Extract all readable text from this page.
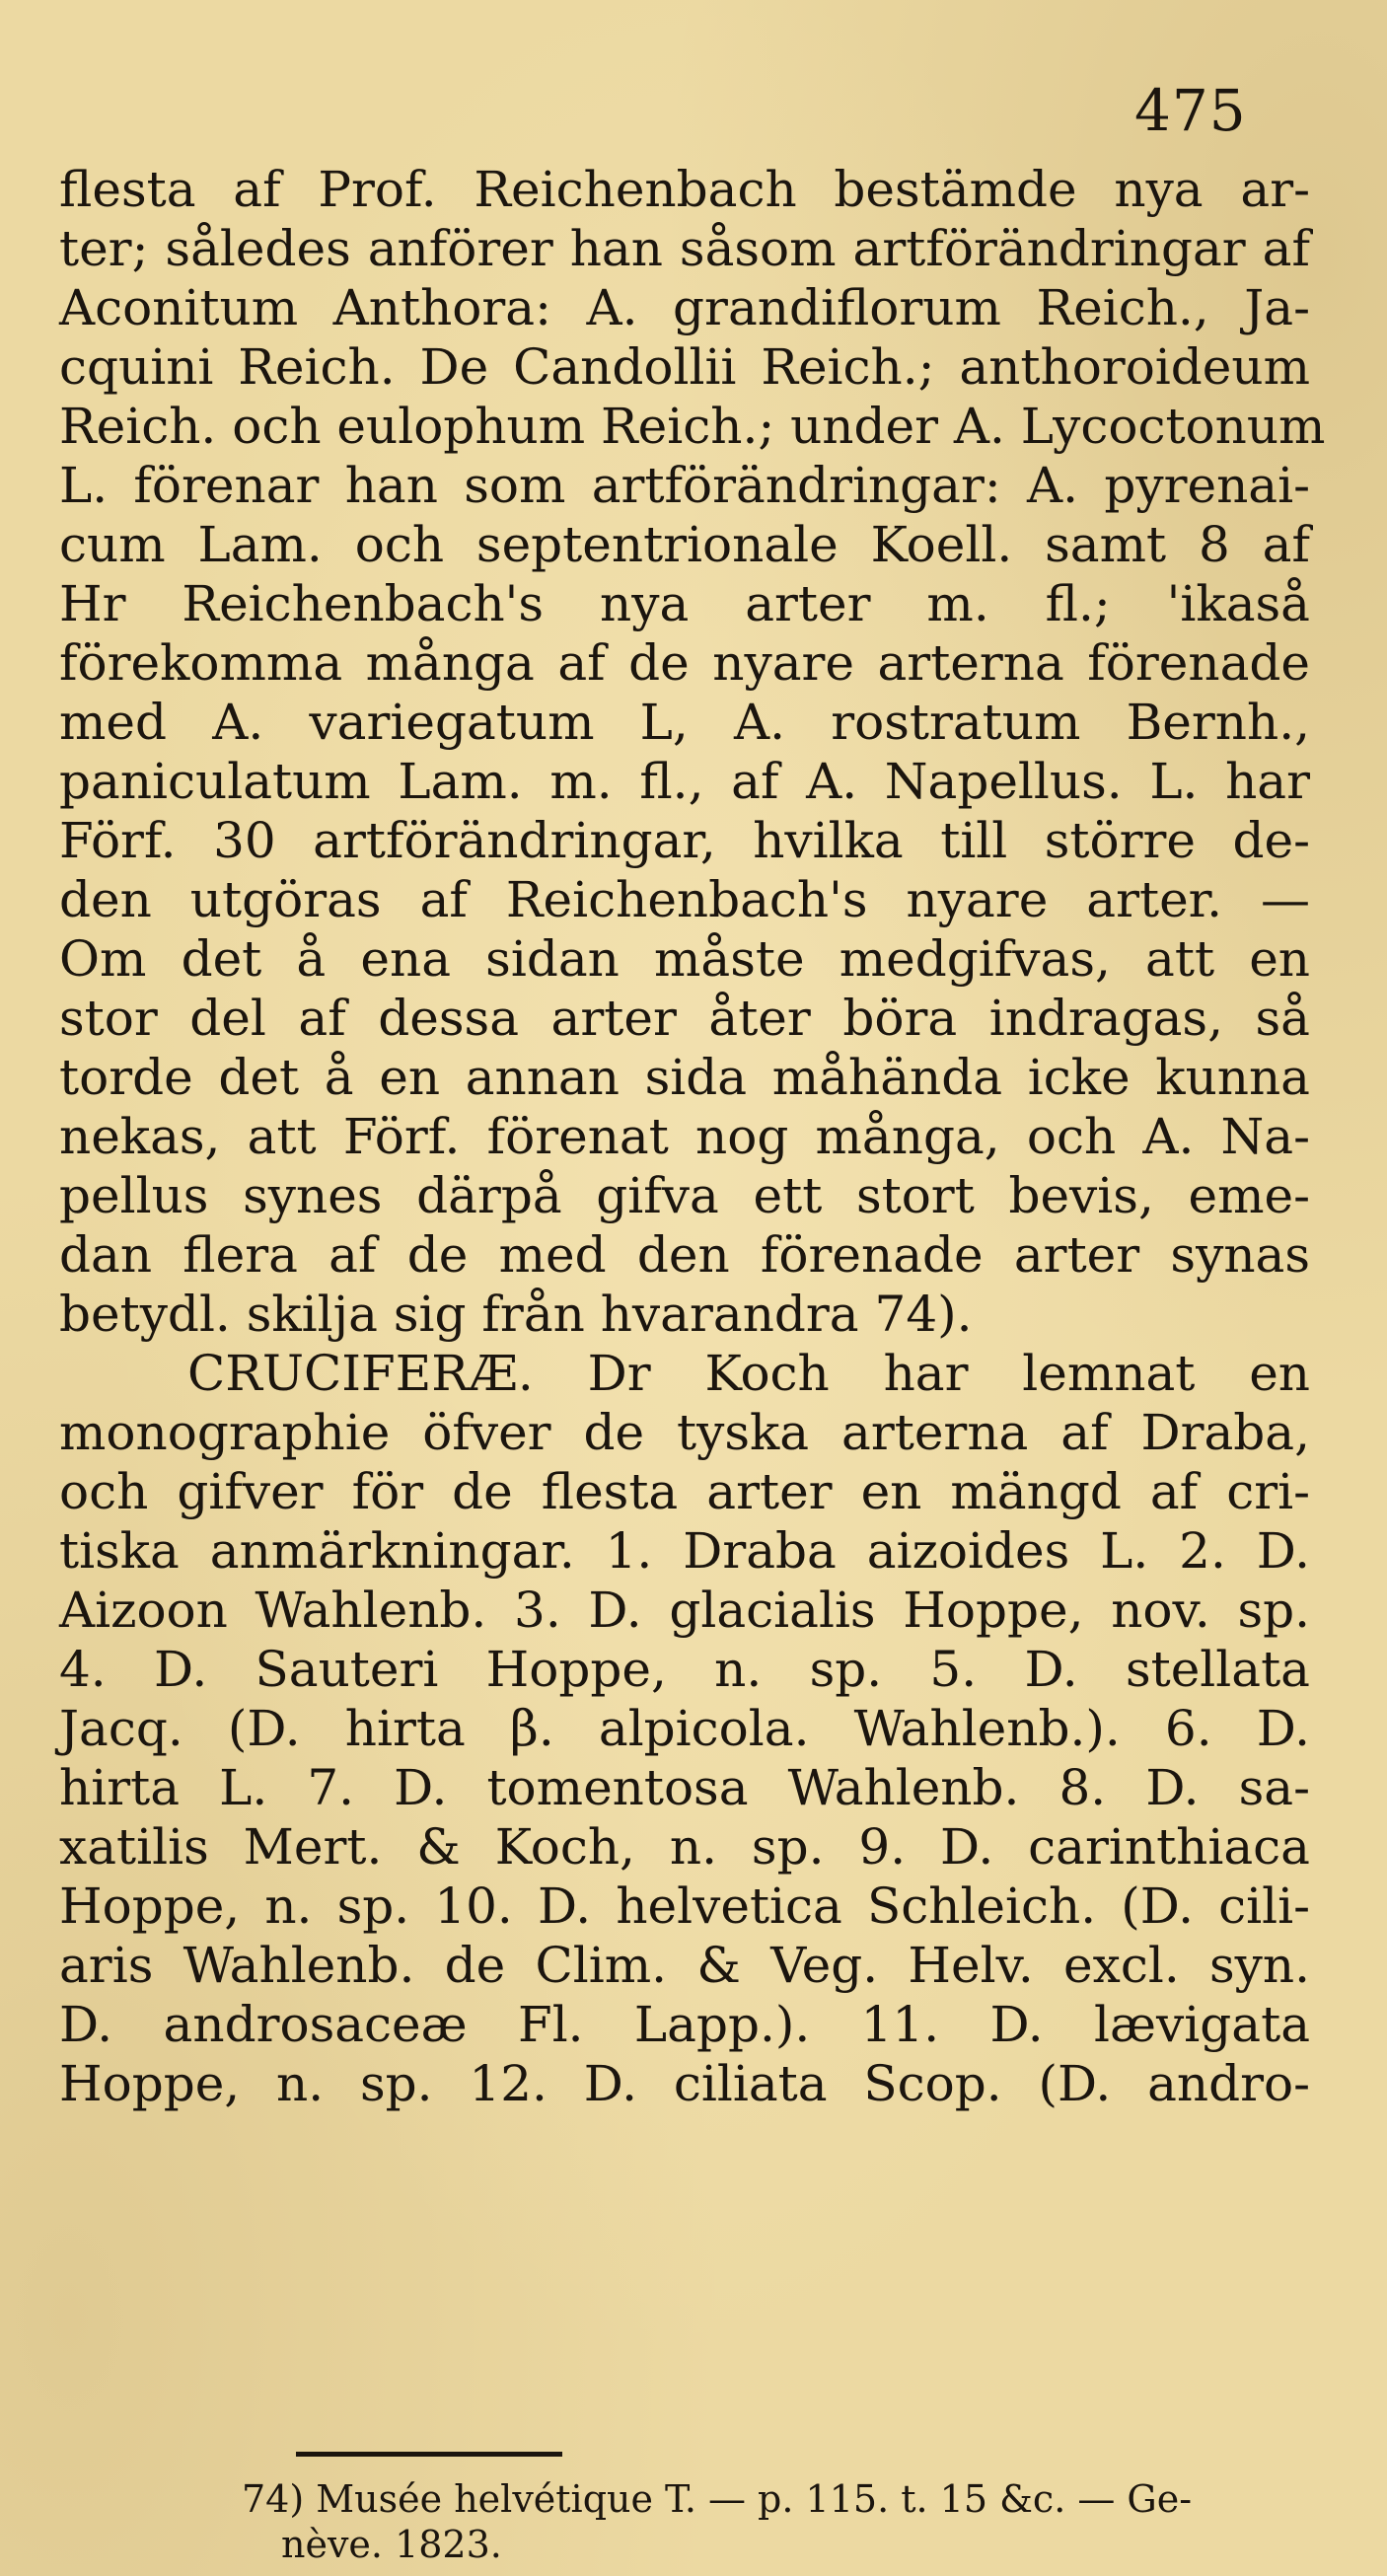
475
flesta af Prof. Reichenbach bestämde nya ar-
ter; således anförer han såsom artförändringar af
Aconitum Anthora: A. grandiflorum Reich., Ja-
cquini Reich. De Candollii Reich.; anthoroideum
Reich. och eulophum Reich.; under A. Lycoctonum
L. förenar han som artförändringar: A. pyrenai-
cum Lam. och septentrionale Koell. samt 8 af
Hr Reichenbach's nya arter m. fl.; 'ikaså
förekomma många af de nyare arterna förenade
med A. variegatum L, A. rostratum Bernh.,
paniculatum Lam. m. fl., af A. Napellus. L. har
Förf. 30 artförändringar, hvilka till större de-
den utgöras af Reichenbach's nyare arter. —
Om det å ena sidan måste medgifvas, att en
stor del af dessa arter åter böra indragas, så
torde det å en annan sida måhända icke kunna
nekas, att Förf. förenat nog många, och A. Na-
pellus synes därpå gifva ett stort bevis, eme-
dan flera af de med den förenade arter synas
betydl. skilja sig från hvarandra 74).
CRUCIFERÆ. Dr Koch har lemnat en
monographie öfver de tyska arterna af Draba,
och gifver för de flesta arter en mängd af cri-
tiska anmärkningar. 1. Draba aizoides L. 2. D.
Aizoon Wahlenb. 3. D. glacialis Hoppe, nov. sp.
4. D. Sauteri Hoppe, n. sp. 5. D. stellata
Jacq. (D. hirta β. alpicola. Wahlenb.). 6. D.
hirta L. 7. D. tomentosa Wahlenb. 8. D. sa-
xatilis Mert. & Koch, n. sp. 9. D. carinthiaca
Hoppe, n. sp. 10. D. helvetica Schleich. (D. cili-
aris Wahlenb. de Clim. & Veg. Helv. excl. syn.
D. androsaceæ Fl. Lapp.). 11. D. lævigata
Hoppe, n. sp. 12. D. ciliata Scop. (D. andro-
74) Musée helvétique T. — p. 115. t. 15 &c. — Ge-
nève. 1823.
